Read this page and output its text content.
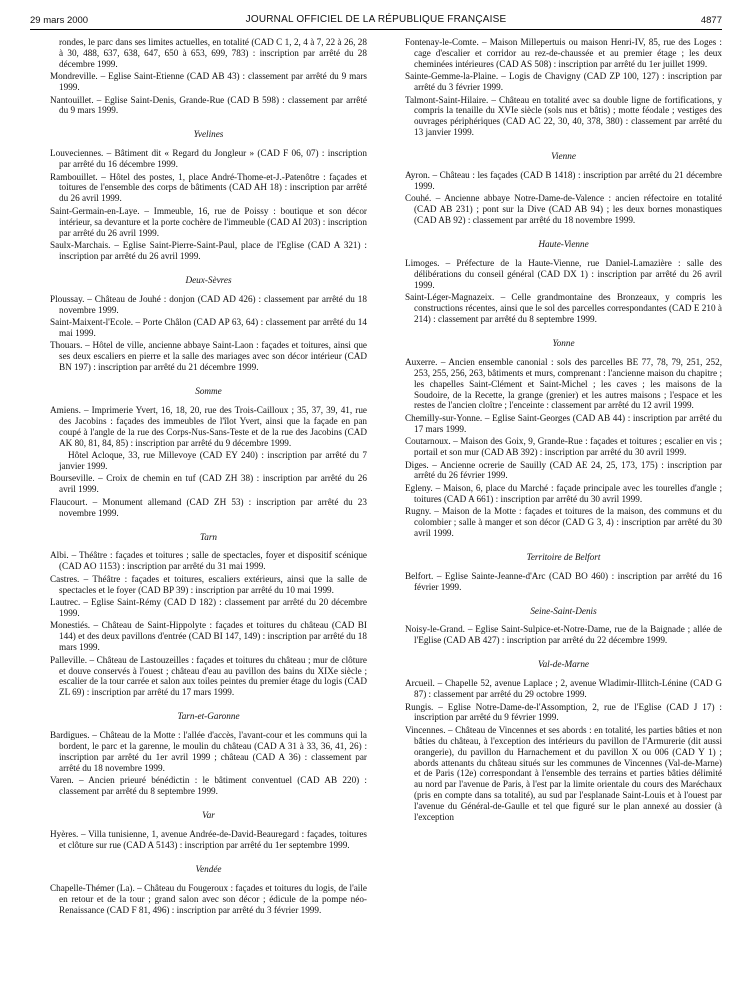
29 mars 2000	JOURNAL OFFICIEL DE LA RÉPUBLIQUE FRANÇAISE	4877

rondes, le parc dans ses limites actuelles, en totalité (CAD C 1, 2, 4 à 7, 22 à 26, 28 à 30, 488, 637, 638, 647, 650 à 653, 699, 783) : inscription par arrêté du 28 décembre 1999.

Mondreville. – Eglise Saint-Etienne (CAD AB 43) : classement par arrêté du 9 mars 1999.

Nantouillet. – Eglise Saint-Denis, Grande-Rue (CAD B 598) : classement par arrêté du 9 mars 1999.

Yvelines

Louveciennes. – Bâtiment dit « Regard du Jongleur » (CAD F 06, 07) : inscription par arrêté du 16 décembre 1999.

Rambouillet. – Hôtel des postes, 1, place André-Thome-et-J.-Patenôtre : façades et toitures de l'ensemble des corps de bâtiments (CAD AH 18) : inscription par arrêté du 26 avril 1999.

Saint-Germain-en-Laye. – Immeuble, 16, rue de Poissy : boutique et son décor intérieur, sa devanture et la porte cochère de l'immeuble (CAD AI 203) : inscription par arrêté du 26 avril 1999.

Saulx-Marchais. – Eglise Saint-Pierre-Saint-Paul, place de l'Eglise (CAD A 321) : inscription par arrêté du 26 avril 1999.

Deux-Sèvres

Ploussay. – Château de Jouhé : donjon (CAD AD 426) : classement par arrêté du 18 novembre 1999.

Saint-Maixent-l'Ecole. – Porte Châlon (CAD AP 63, 64) : classement par arrêté du 14 mai 1999.

Thouars. – Hôtel de ville, ancienne abbaye Saint-Laon : façades et toitures, ainsi que ses deux escaliers en pierre et la salle des mariages avec son décor intérieur (CAD BN 197) : inscription par arrêté du 21 décembre 1999.

Somme

Amiens. – Imprimerie Yvert, 16, 18, 20, rue des Trois-Cailloux ; 35, 37, 39, 41, rue des Jacobins : façades des immeubles de l'îlot Yvert, ainsi que la façade en pan coupé à l'angle de la rue des Corps-Nus-Sans-Teste et de la rue des Jacobins (CAD AK 80, 81, 84, 85) : inscription par arrêté du 9 décembre 1999.

Hôtel Acloque, 33, rue Millevoye (CAD EY 240) : inscription par arrêté du 7 janvier 1999.

Bourseville. – Croix de chemin en tuf (CAD ZH 38) : inscription par arrêté du 26 avril 1999.

Flaucourt. – Monument allemand (CAD ZH 53) : inscription par arrêté du 23 novembre 1999.

Tarn

Albi. – Théâtre : façades et toitures ; salle de spectacles, foyer et dispositif scénique (CAD AO 1153) : inscription par arrêté du 31 mai 1999.

Castres. – Théâtre : façades et toitures, escaliers extérieurs, ainsi que la salle de spectacles et le foyer (CAD BP 39) : inscription par arrêté du 10 mai 1999.

Lautrec. – Eglise Saint-Rémy (CAD D 182) : classement par arrêté du 20 décembre 1999.

Monestiés. – Château de Saint-Hippolyte : façades et toitures du château (CAD BI 144) et des deux pavillons d'entrée (CAD BI 147, 149) : inscription par arrêté du 18 mars 1999.

Palleville. – Château de Lastouzeilles : façades et toitures du château ; mur de clôture et douve conservés à l'ouest ; château d'eau au pavillon des bains du XIXe siècle ; escalier de la tour carrée et salon aux toiles peintes du premier étage du logis (CAD ZL 69) : inscription par arrêté du 17 mars 1999.

Tarn-et-Garonne

Bardigues. – Château de la Motte : l'allée d'accès, l'avant-cour et les communs qui la bordent, le parc et la garenne, le moulin du château (CAD A 31 à 33, 36, 41, 26) : inscription par arrêté du 1er avril 1999 ; château (CAD A 36) : classement par arrêté du 18 novembre 1999.

Varen. – Ancien prieuré bénédictin : le bâtiment conventuel (CAD AB 220) : classement par arrêté du 8 septembre 1999.

Var

Hyères. – Villa tunisienne, 1, avenue Andrée-de-David-Beauregard : façades, toitures et clôture sur rue (CAD A 5143) : inscription par arrêté du 1er septembre 1999.

Vendée

Chapelle-Thémer (La). – Château du Fougeroux : façades et toitures du logis, de l'aile en retour et de la tour ; grand salon avec son décor ; édicule de la pompe néo-Renaissance (CAD F 81, 496) : inscription par arrêté du 3 février 1999.

Fontenay-le-Comte. – Maison Millepertuis ou maison Henri-IV, 85, rue des Loges : cage d'escalier et corridor au rez-de-chaussée et au premier étage ; les deux cheminées intérieures (CAD AS 508) : inscription par arrêté du 1er juillet 1999.

Sainte-Gemme-la-Plaine. – Logis de Chavigny (CAD ZP 100, 127) : inscription par arrêté du 3 février 1999.

Talmont-Saint-Hilaire. – Château en totalité avec sa double ligne de fortifications, y compris la tenaille du XVIe siècle (sols nus et bâtis) ; motte féodale ; vestiges des ouvrages périphériques (CAD AC 22, 30, 40, 378, 380) : classement par arrêté du 13 janvier 1999.

Vienne

Ayron. – Château : les façades (CAD B 1418) : inscription par arrêté du 21 décembre 1999.

Couhé. – Ancienne abbaye Notre-Dame-de-Valence : ancien réfectoire en totalité (CAD AB 231) ; pont sur la Dive (CAD AB 94) ; les deux bornes monastiques (CAD AB 92) : classement par arrêté du 18 novembre 1999.

Haute-Vienne

Limoges. – Préfecture de la Haute-Vienne, rue Daniel-Lamazière : salle des délibérations du conseil général (CAD DX 1) : inscription par arrêté du 26 avril 1999.

Saint-Léger-Magnazeix. – Celle grandmontaine des Bronzeaux, y compris les constructions récentes, ainsi que le sol des parcelles correspondantes (CAD E 210 à 214) : classement par arrêté du 8 septembre 1999.

Yonne

Auxerre. – Ancien ensemble canonial : sols des parcelles BE 77, 78, 79, 251, 252, 253, 255, 256, 263, bâtiments et murs, comprenant : l'ancienne maison du chapitre ; les chapelles Saint-Clément et Saint-Michel ; les caves ; les maisons de la Soudoire, de la Recette, la grange (grenier) et les autres maisons ; l'espace et les restes de l'ancien cloître ; l'enceinte : classement par arrêté du 12 avril 1999.

Chemilly-sur-Yonne. – Eglise Saint-Georges (CAD AB 44) : inscription par arrêté du 17 mars 1999.

Coutarnoux. – Maison des Goix, 9, Grande-Rue : façades et toitures ; escalier en vis ; portail et son mur (CAD AB 392) : inscription par arrêté du 30 avril 1999.

Diges. – Ancienne ocrerie de Sauilly (CAD AE 24, 25, 173, 175) : inscription par arrêté du 26 février 1999.

Egleny. – Maison, 6, place du Marché : façade principale avec les tourelles d'angle ; toitures (CAD A 661) : inscription par arrêté du 30 avril 1999.

Rugny. – Maison de la Motte : façades et toitures de la maison, des communs et du colombier ; salle à manger et son décor (CAD G 3, 4) : inscription par arrêté du 30 avril 1999.

Territoire de Belfort

Belfort. – Eglise Sainte-Jeanne-d'Arc (CAD BO 460) : inscription par arrêté du 16 février 1999.

Seine-Saint-Denis

Noisy-le-Grand. – Eglise Saint-Sulpice-et-Notre-Dame, rue de la Baignade ; allée de l'Eglise (CAD AB 427) : inscription par arrêté du 22 décembre 1999.

Val-de-Marne

Arcueil. – Chapelle 52, avenue Laplace ; 2, avenue Wladimir-Illitch-Lénine (CAD G 87) : classement par arrêté du 29 octobre 1999.

Rungis. – Eglise Notre-Dame-de-l'Assomption, 2, rue de l'Eglise (CAD J 17) : inscription par arrêté du 9 février 1999.

Vincennes. – Château de Vincennes et ses abords : en totalité, les parties bâties et non bâties du château, à l'exception des intérieurs du pavillon de l'Armurerie (dit aussi orangerie), du pavillon du Harnachement et du pavillon X ou 006 (CAD Y 1) ; abords attenants du château situés sur les communes de Vincennes (Val-de-Marne) et de Paris (12e) correspondant à l'ensemble des terrains et parties bâties délimité au nord par l'avenue de Paris, à l'est par la limite orientale du cours des Maréchaux (pris en compte dans sa totalité), au sud par l'esplanade Saint-Louis et à l'ouest par l'avenue du Général-de-Gaulle et tel que figuré sur le plan annexé au dossier (à l'exception
